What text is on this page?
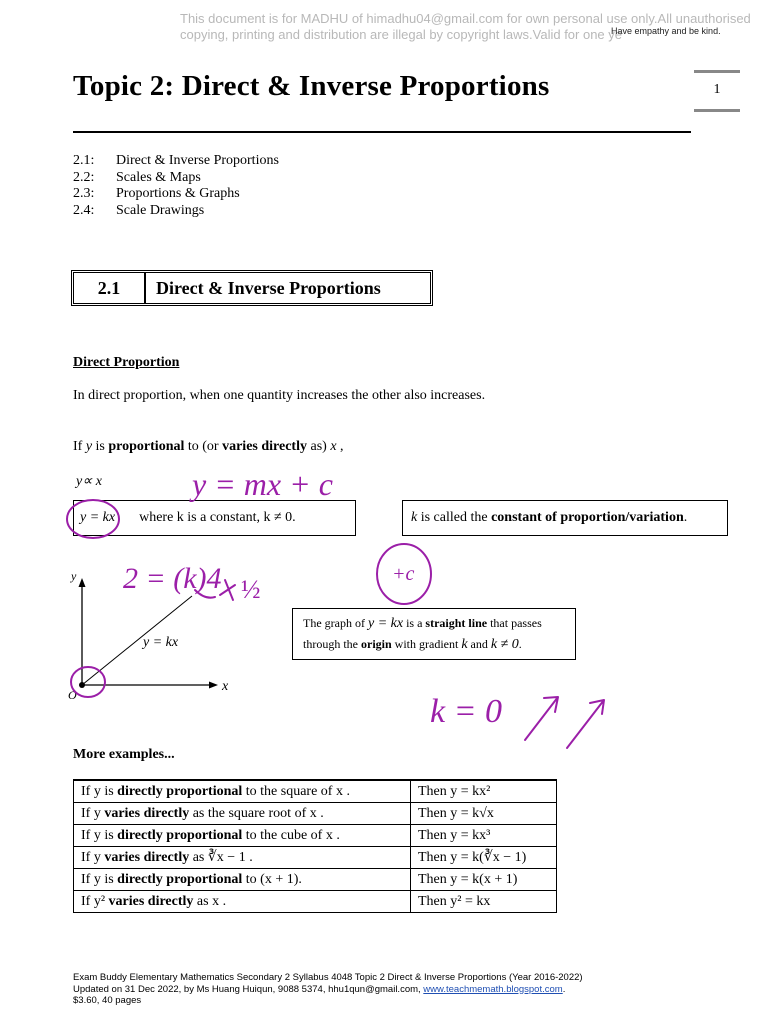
This document is for MADHU of himadhu04@gmail.com for own personal use only.All unauthorised
copying, printing and distribution are illegal by copyright laws.Valid for one ye
Have empathy and be kind.
1
Topic 2: Direct & Inverse Proportions
2.1: Direct & Inverse Proportions
2.2: Scales & Maps
2.3: Proportions & Graphs
2.4: Scale Drawings
2.1	Direct & Inverse Proportions
Direct Proportion
In direct proportion, when one quantity increases the other also increases.
If y is proportional to (or varies directly as) x ,
y∝ x
y = kx where k is a constant, k ≠ 0.	k is called the constant of proportion/variation.
y
x
O
y = kx
The graph of y = kx is a straight line that passes
through the origin with gradient k and k ≠ 0.
y = mx + c
2 = (k)4 ½
+c
k = 0
More examples...
If y is directly proportional to the square of x .	Then y = kx²
If y varies directly as the square root of x .	Then y = k√x
If y is directly proportional to the cube of x .	Then y = kx³
If y varies directly as ∛x − 1 .	Then y = k(∛x − 1)
If y is directly proportional to (x + 1).	Then y = k(x + 1)
If y² varies directly as x .	Then y² = kx
Exam Buddy Elementary Mathematics Secondary 2 Syllabus 4048 Topic 2 Direct & Inverse Proportions (Year 2016-2022)
Updated on 31 Dec 2022, by Ms Huang Huiqun, 9088 5374, hhu1qun@gmail.com, www.teachmemath.blogspot.com.
$3.60, 40 pages
